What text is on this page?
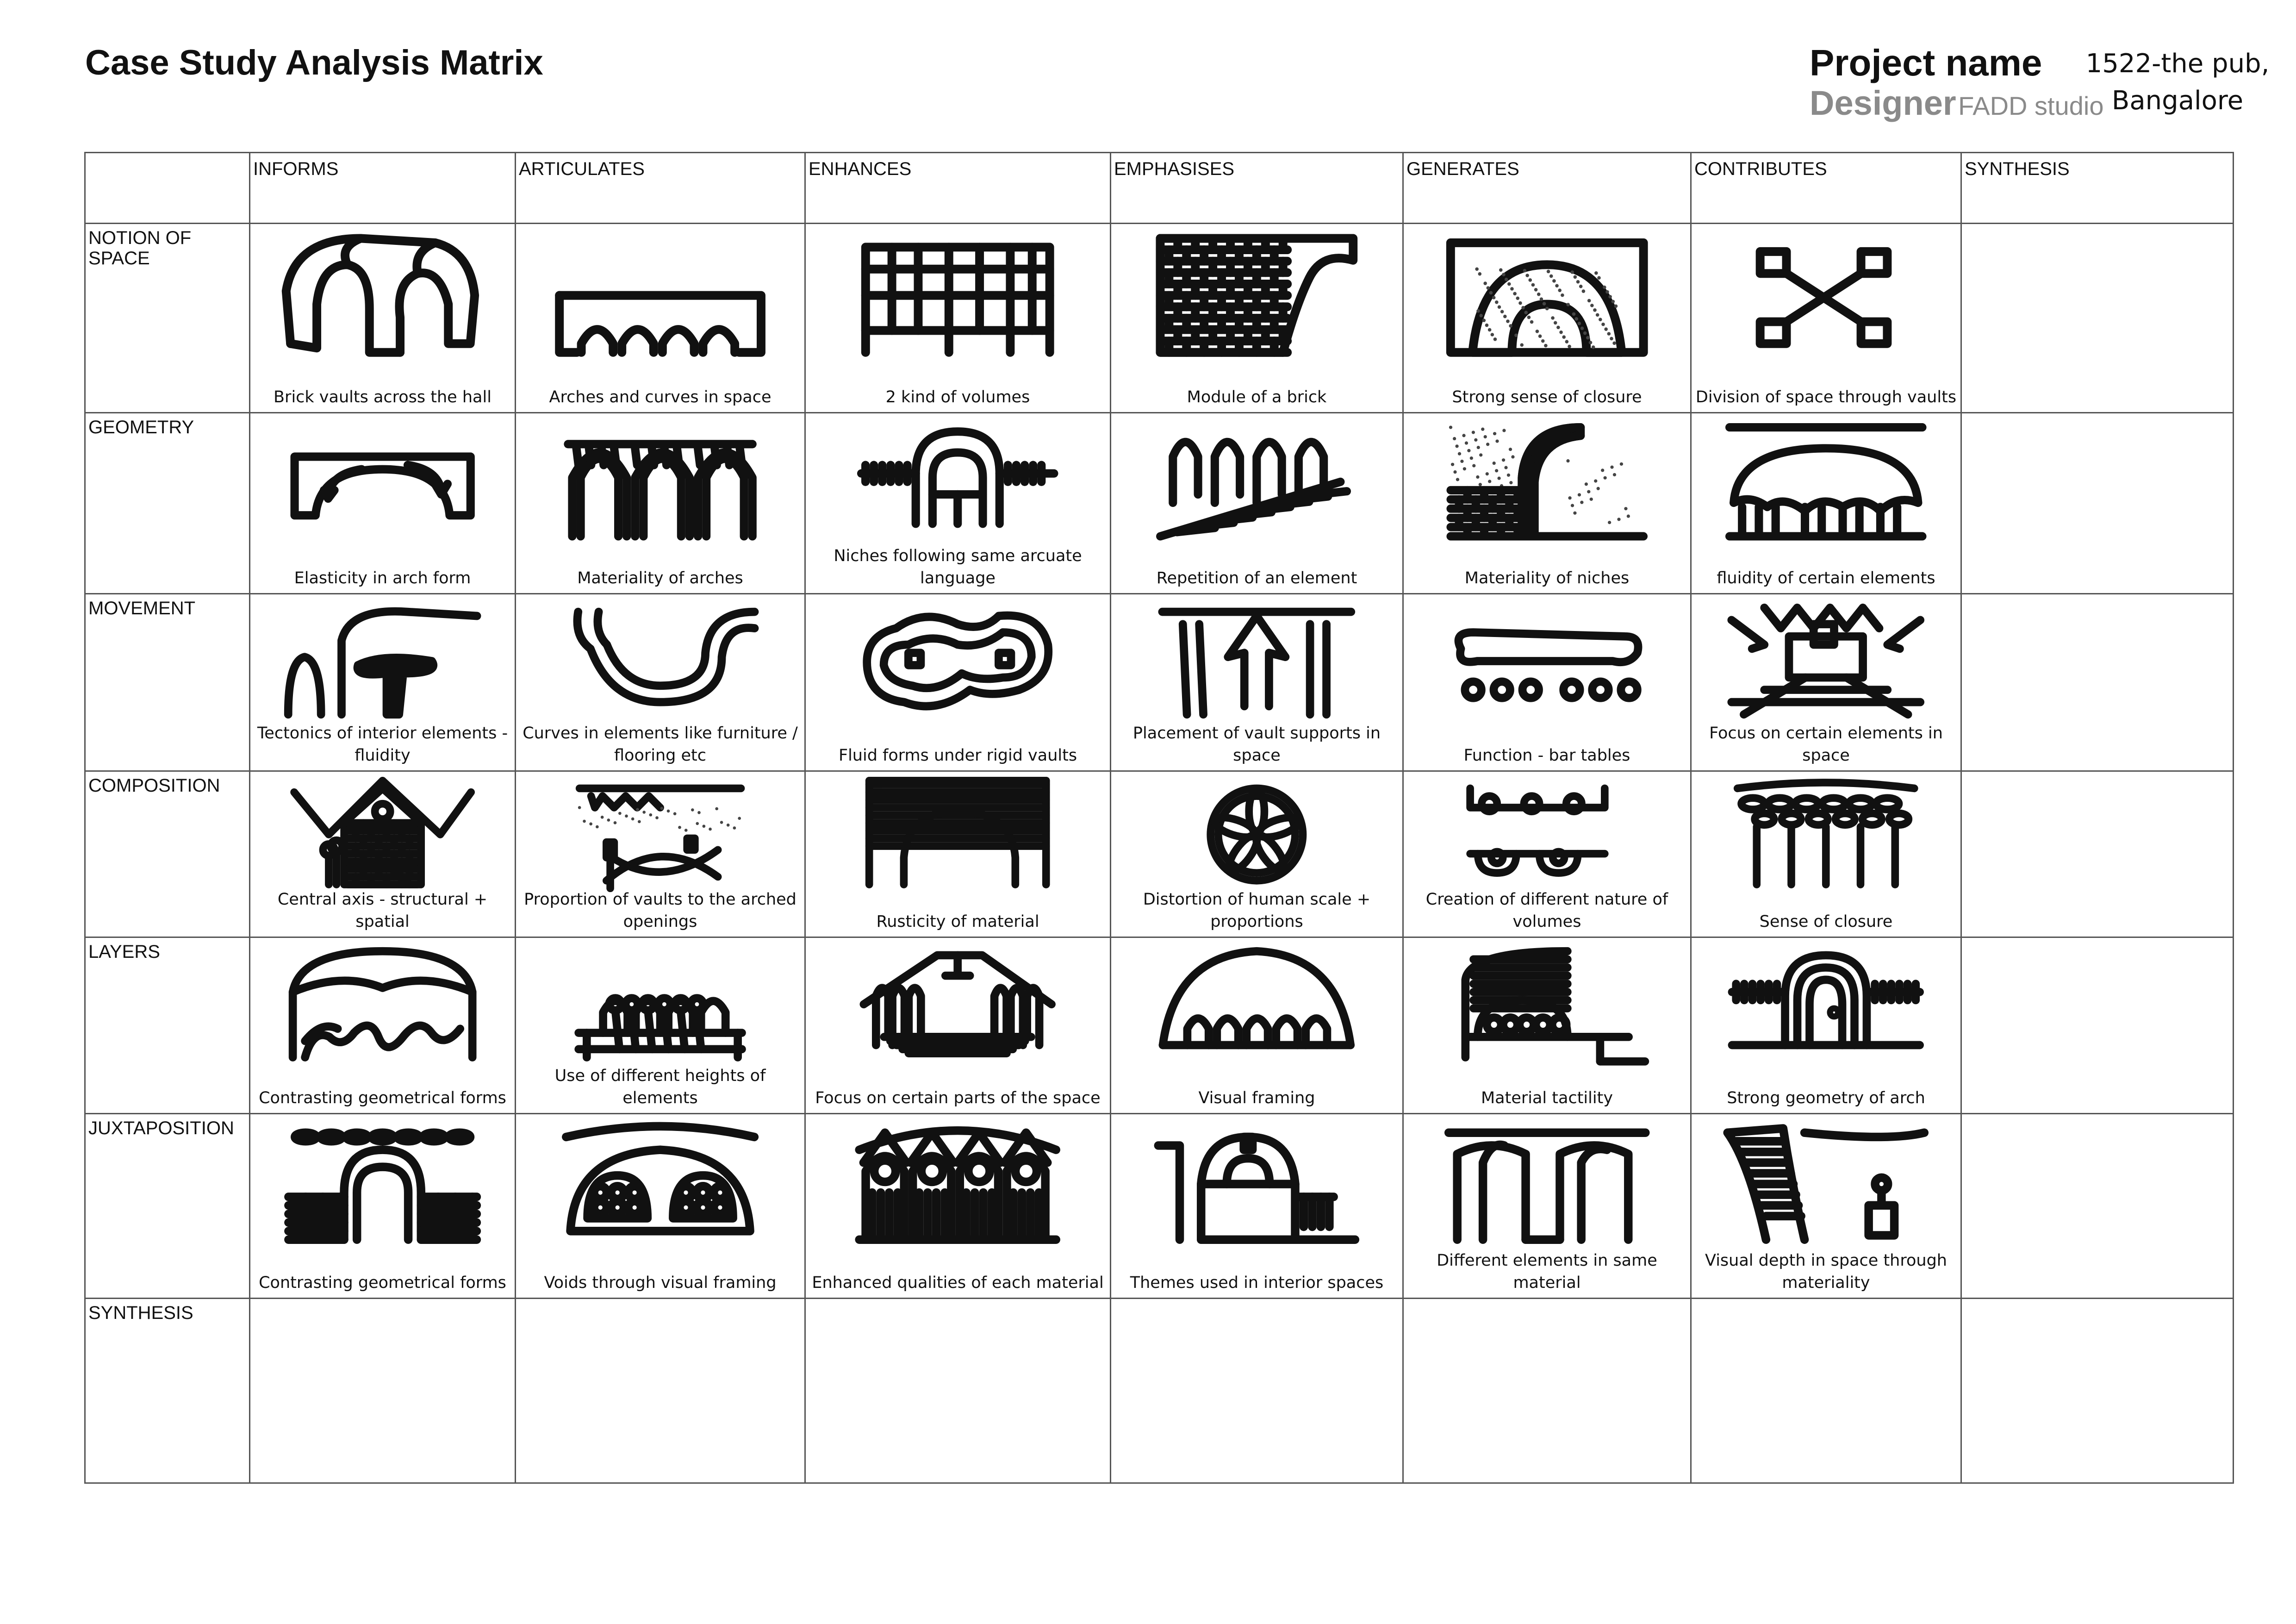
Case Study Analysis Matrix	Project name
Designer FADD studio
1522-the pub, Bangalore

	INFORMS	ARTICULATES	ENHANCES	EMPHASISES	GENERATES	CONTRIBUTES	SYNTHESIS

NOTION OF SPACE	Brick vaults across the hall	Arches and curves in space	2 kind of volumes	Module of a brick	Strong sense of closure	Division of space through vaults	

GEOMETRY	Elasticity in arch form	Materiality of arches	Niches following same arcuate language	Repetition of an element	Materiality of niches	fluidity of certain elements	

MOVEMENT	Tectonics of interior elements - fluidity	Curves in elements like furniture / flooring etc	Fluid forms under rigid vaults	Placement of vault supports in space	Function - bar tables	Focus on certain elements in space	

COMPOSITION	Central axis - structural + spatial	Proportion of vaults to the arched openings	Rusticity of material	Distortion of human scale + proportions	Creation of different nature of volumes	Sense of closure	

LAYERS	Contrasting geometrical forms	Use of different heights of elements	Focus on certain parts of the space	Visual framing	Material tactility	Strong geometry of arch	

JUXTAPOSITION	Contrasting geometrical forms	Voids through visual framing	Enhanced qualities of each material	Themes used in interior spaces	Different elements in same material	Visual depth in space through materiality	

SYNTHESIS							
